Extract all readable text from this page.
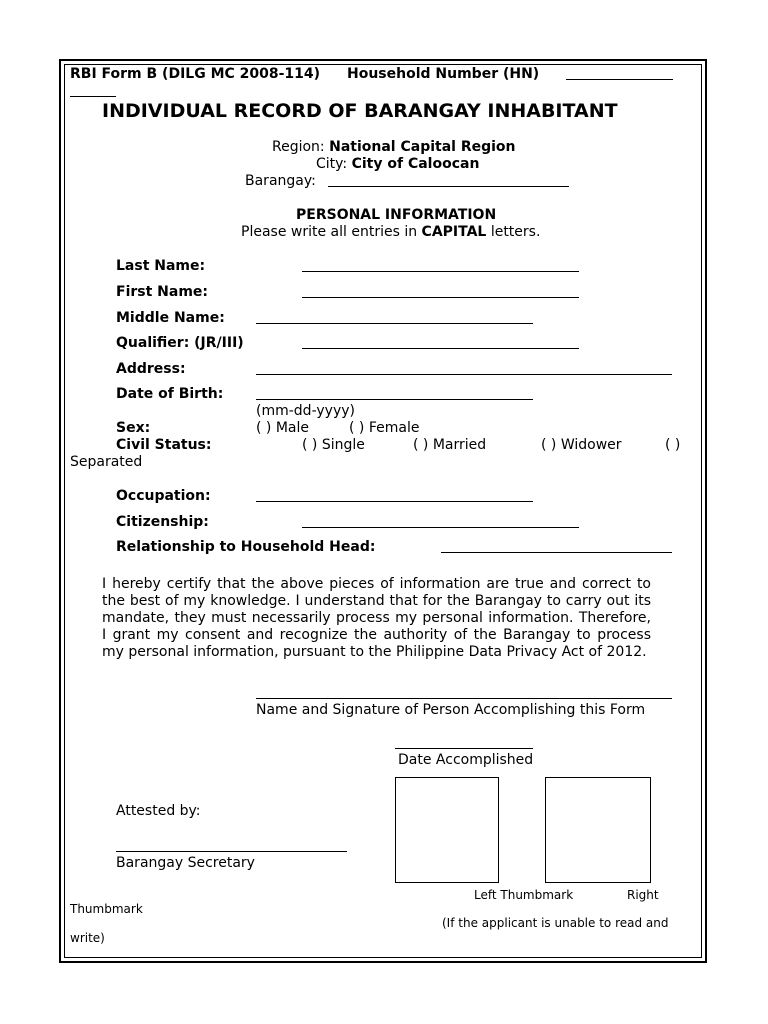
RBI Form B (DILG MC 2008-114) Household Number (HN)
INDIVIDUAL RECORD OF BARANGAY INHABITANT
Region: National Capital Region
City: City of Caloocan
Barangay:
PERSONAL INFORMATION
Please write all entries in CAPITAL letters.
Last Name:
First Name:
Middle Name:
Qualifier: (JR/III)
Address:
Date of Birth:
(mm-dd-yyyy)
Sex:	( ) Male	( ) Female
Civil Status:	( ) Single	( ) Married	( ) Widower	( )
Separated
Occupation:
Citizenship:
Relationship to Household Head:
I hereby certify that the above pieces of information are true and correct to the best of my knowledge. I understand that for the Barangay to carry out its mandate, they must necessarily process my personal information. Therefore, I grant my consent and recognize the authority of the Barangay to process my personal information, pursuant to the Philippine Data Privacy Act of 2012.
Name and Signature of Person Accomplishing this Form
Date Accomplished
Attested by:
Barangay Secretary
Left Thumbmark	Right
Thumbmark
(If the applicant is unable to read and
write)
